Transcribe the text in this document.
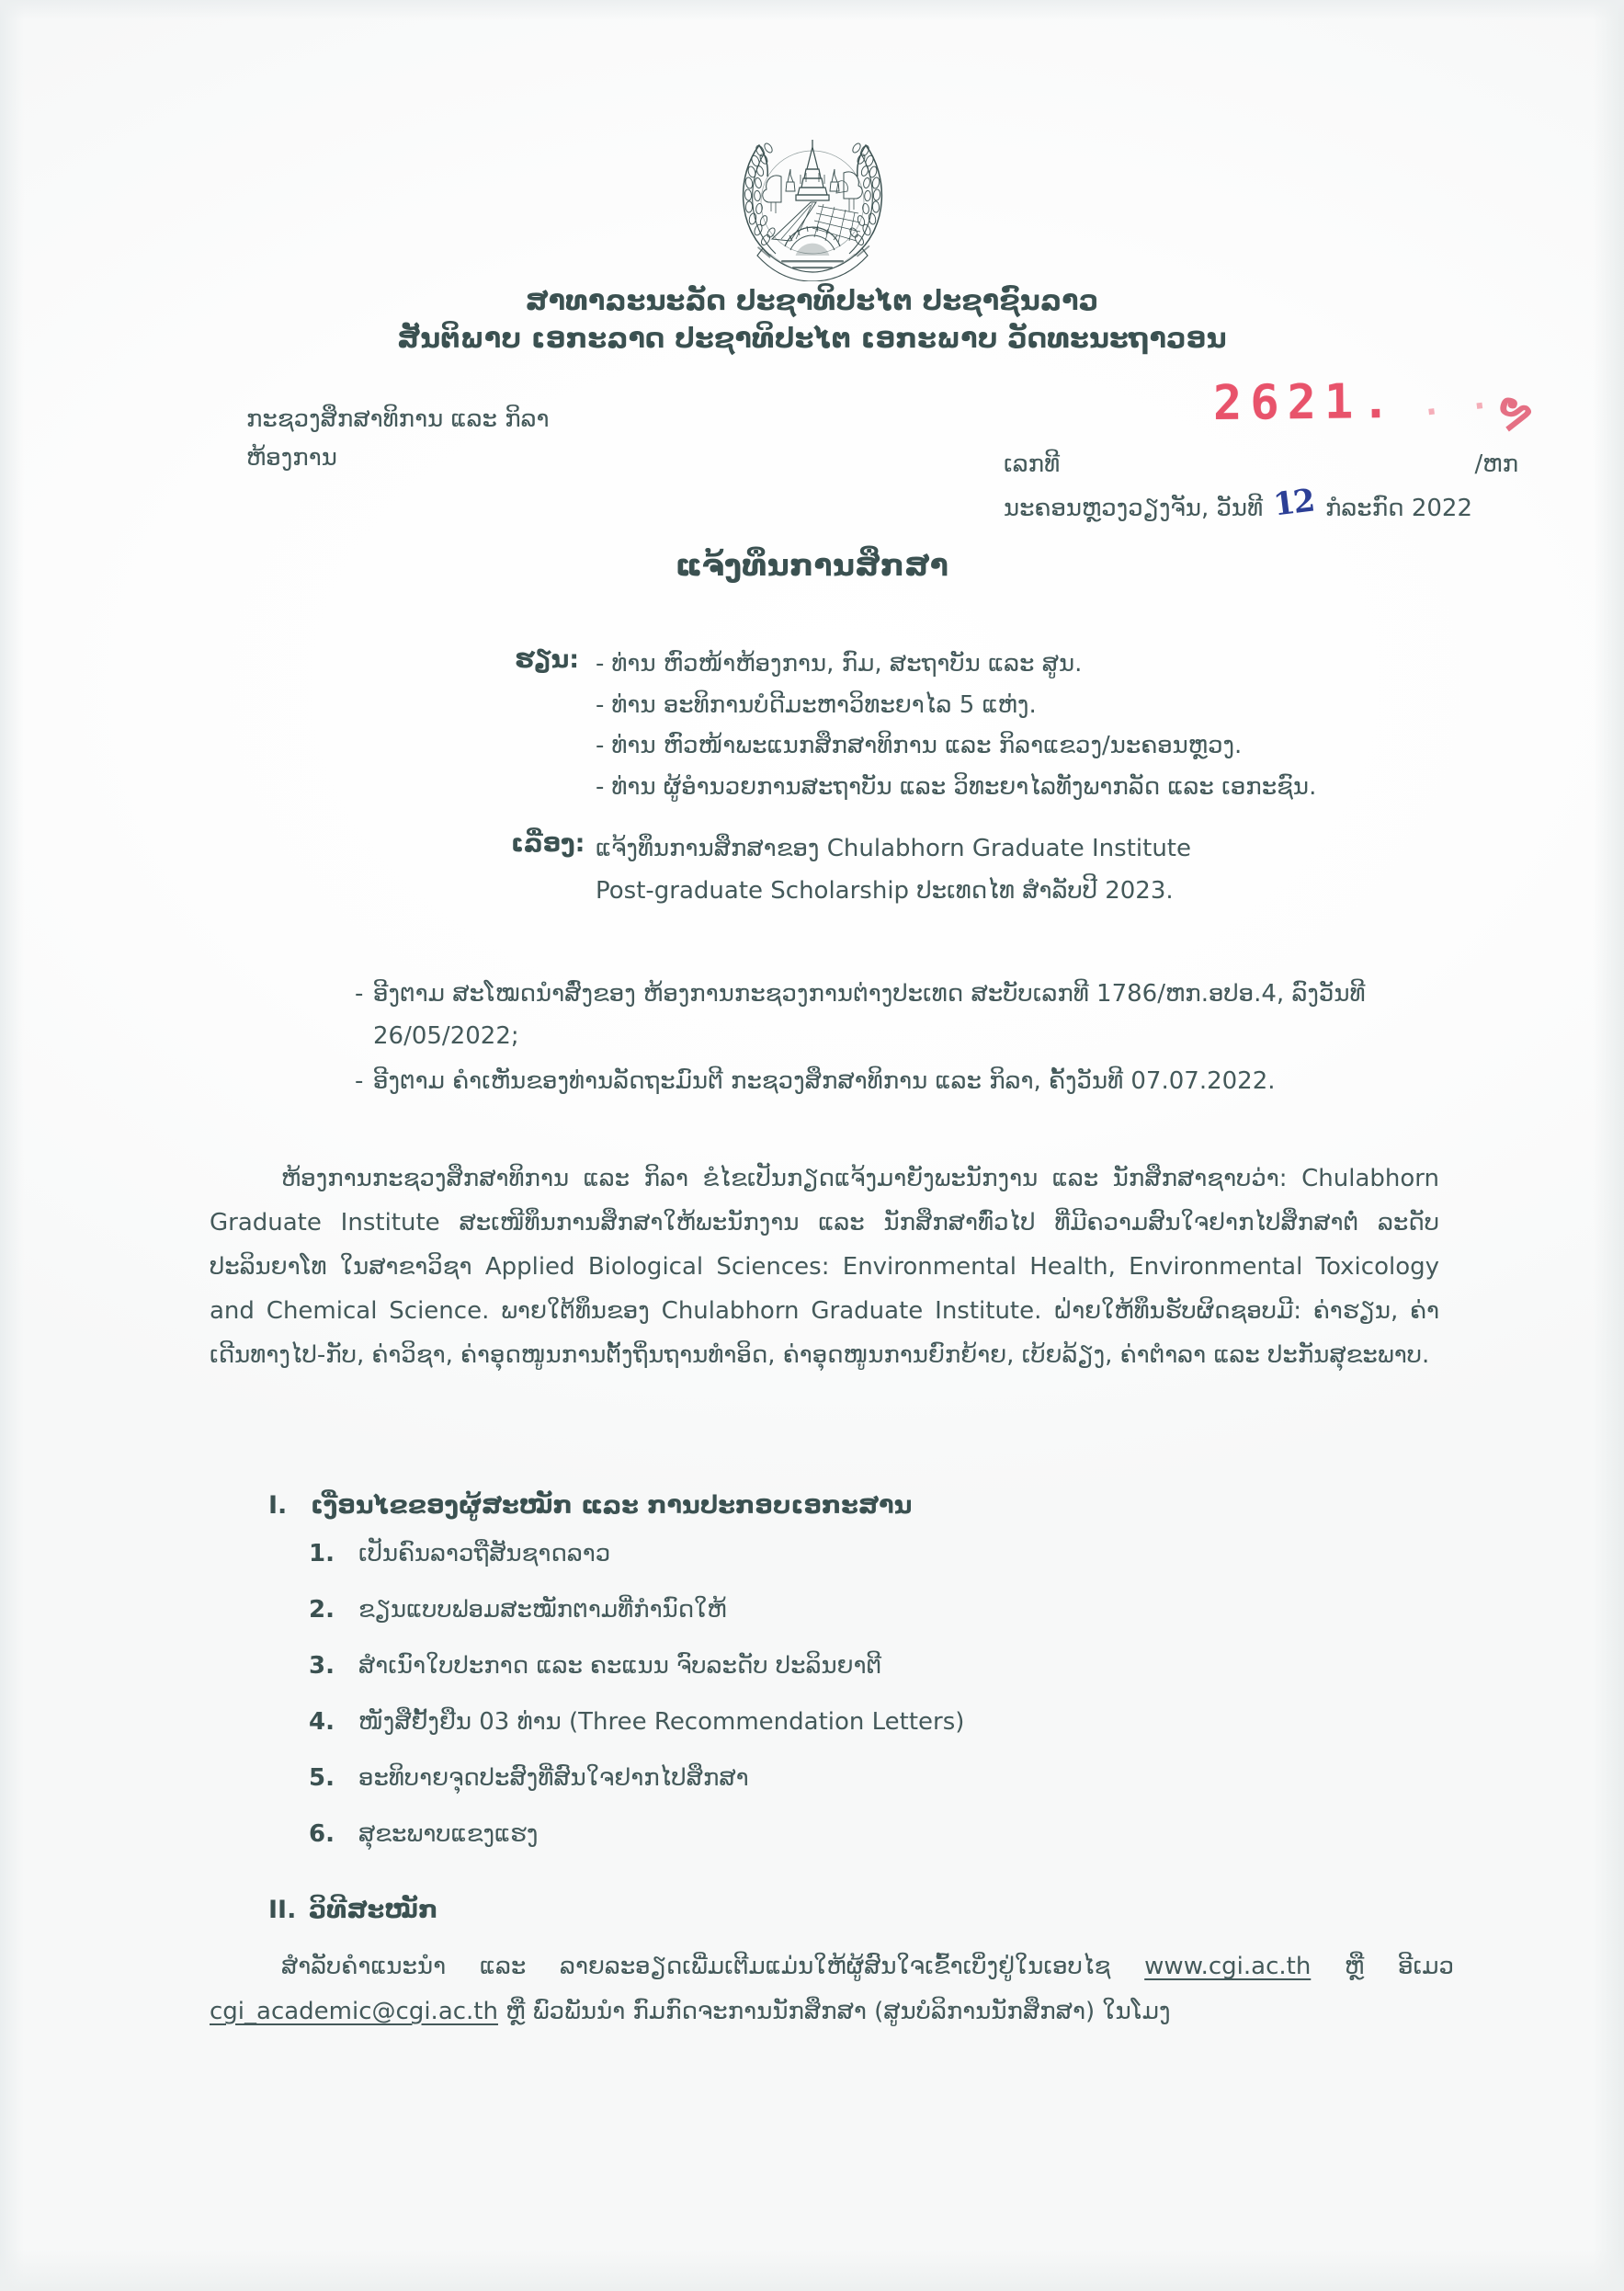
ສາທາລະນະລັດ ປະຊາທິປະໄຕ ປະຊາຊົນລາວ
ສັນຕິພາບ ເອກະລາດ ປະຊາທິປະໄຕ ເອກະພາບ ວັດທະນະຖາວອນ
ກະຊວງສຶກສາທິການ ແລະ ກິລາ
ຫ້ອງການ
2621. · ·
ຯ
ເລກທີ	/ຫກ
ນະຄອນຫຼວງວຽງຈັນ, ວັນທີ 12 ກໍລະກົດ 2022
ແຈ້ງທຶນການສຶກສາ
ຮຽນ: - ທ່ານ ຫົວໜ້າຫ້ອງການ, ກົມ, ສະຖາບັນ ແລະ ສູນ.
- ທ່ານ ອະທິການບໍດີມະຫາວິທະຍາໄລ 5 ແຫ່ງ.
- ທ່ານ ຫົວໜ້າພະແນກສຶກສາທິການ ແລະ ກິລາແຂວງ/ນະຄອນຫຼວງ.
- ທ່ານ ຜູ້ອຳນວຍການສະຖາບັນ ແລະ ວິທະຍາໄລທັງພາກລັດ ແລະ ເອກະຊົນ.
ເລື່ອງ: ແຈ້ງທຶນການສຶກສາຂອງ Chulabhorn Graduate Institute
Post-graduate Scholarship ປະເທດໄທ ສຳລັບປີ 2023.
- ອີງຕາມ ສະໂໝດນໍາສົ່ງຂອງ ຫ້ອງການກະຊວງການຕ່າງປະເທດ ສະບັບເລກທີ 1786/ຫກ.ອປອ.4, ລົງວັນທີ 26/05/2022;
- ອີງຕາມ ຄຳເຫັນຂອງທ່ານລັດຖະມົນຕີ ກະຊວງສຶກສາທິການ ແລະ ກິລາ, ຄັ້ງວັນທີ 07.07.2022.
ຫ້ອງການກະຊວງສຶກສາທິການ ແລະ ກິລາ ຂໍໄຂເປັນກຽດແຈ້ງມາຍັງພະນັກງານ ແລະ ນັກສຶກສາຊາບວ່າ: Chulabhorn Graduate Institute ສະເໜີທຶນການສຶກສາໃຫ້ພະນັກງານ ແລະ ນັກສຶກສາທົ່ວໄປ ທີ່ມີຄວາມສົນໃຈຢາກໄປສຶກສາຕໍ່ ລະດັບ ປະລິນຍາໂທ ໃນສາຂາວິຊາ Applied Biological Sciences: Environmental Health, Environmental Toxicology and Chemical Science. ພາຍໃຕ້ທຶນຂອງ Chulabhorn Graduate Institute. ຝ່າຍໃຫ້ທຶນຮັບຜິດຊອບມີ: ຄ່າຮຽນ, ຄ່າເດີນທາງໄປ-ກັບ, ຄ່າວິຊາ, ຄ່າອຸດໜູນການຕັ້ງຖິ່ນຖານທຳອິດ, ຄ່າອຸດໜູນການຍົກຍ້າຍ, ເບ້ຍລ້ຽງ, ຄ່າຕຳລາ ແລະ ປະກັນສຸຂະພາບ.
I. ເງື່ອນໄຂຂອງຜູ້ສະໝັກ ແລະ ການປະກອບເອກະສານ
1.	ເປັນຄົນລາວຖືສັນຊາດລາວ
2.	ຂຽນແບບຟອມສະໝັກຕາມທີ່ກຳນົດໃຫ້
3.	ສຳເນົາໃບປະກາດ ແລະ ຄະແນນ ຈົບລະດັບ ປະລິນຍາຕີ
4.	ໜັງສືຢັ້ງຢືນ 03 ທ່ານ (Three Recommendation Letters)
5.	ອະທິບາຍຈຸດປະສົງທີ່ສົນໃຈຢາກໄປສຶກສາ
6.	ສຸຂະພາບແຂງແຮງ
II. ວິທີສະໝັກ
ສຳລັບຄຳແນະນຳ ແລະ ລາຍລະອຽດເພີ່ມເຕີມແມ່ນໃຫ້ຜູ້ສົນໃຈເຂົ້າເບິ່ງຢູ່ໃນເອບໄຊ www.cgi.ac.th ຫຼື ອີເມວ cgi_academic@cgi.ac.th ຫຼື ພົວພັນນຳ ກົມກົດຈະການນັກສຶກສາ (ສູນບໍລິການນັກສຶກສາ) ໃນໂມງ
